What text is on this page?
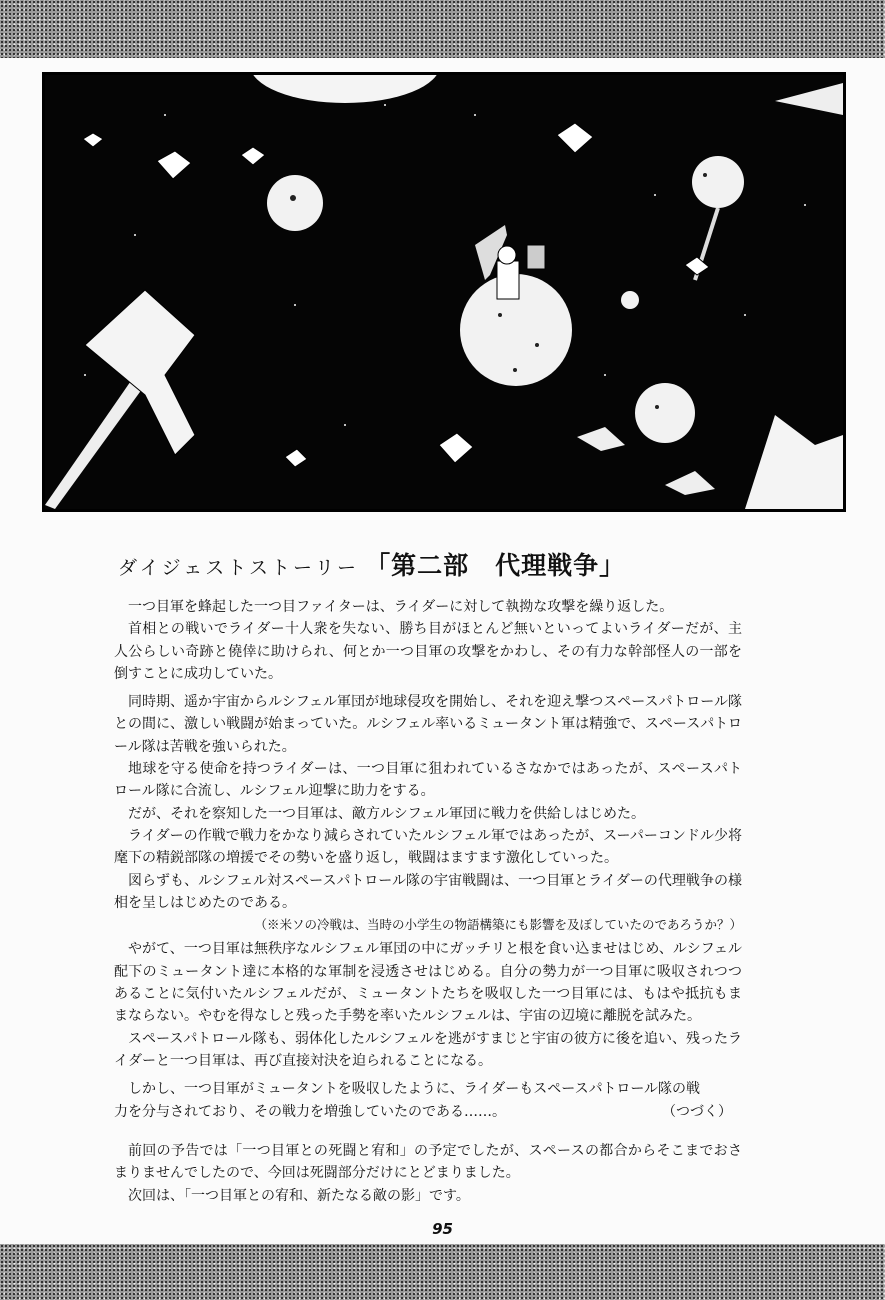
ダイジェストストーリー 「第二部　代理戦争」

一つ目軍を蜂起した一つ目ファイターは、ライダーに対して執拗な攻撃を繰り返した。

首相との戦いでライダー十人衆を失ない、勝ち目がほとんど無いといってよいライダーだが、主人公らしい奇跡と僥倖に助けられ、何とか一つ目軍の攻撃をかわし、その有力な幹部怪人の一部を倒すことに成功していた。

同時期、遥か宇宙からルシフェル軍団が地球侵攻を開始し、それを迎え撃つスペースパトロール隊との間に、激しい戦闘が始まっていた。ルシフェル率いるミュータント軍は精強で、スペースパトロール隊は苦戦を強いられた。

地球を守る使命を持つライダーは、一つ目軍に狙われているさなかではあったが、スペースパトロール隊に合流し、ルシフェル迎撃に助力をする。

だが、それを察知した一つ目軍は、敵方ルシフェル軍団に戦力を供給しはじめた。

ライダーの作戦で戦力をかなり減らされていたルシフェル軍ではあったが、スーパーコンドル少将麾下の精鋭部隊の増援でその勢いを盛り返し，戦闘はますます激化していった。

図らずも、ルシフェル対スペースパトロール隊の宇宙戦闘は、一つ目軍とライダーの代理戦争の様相を呈しはじめたのである。

（※米ソの冷戦は、当時の小学生の物語構築にも影響を及ぼしていたのであろうか？）

やがて、一つ目軍は無秩序なルシフェル軍団の中にガッチリと根を食い込ませはじめ、ルシフェル配下のミュータント達に本格的な軍制を浸透させはじめる。自分の勢力が一つ目軍に吸収されつつあることに気付いたルシフェルだが、ミュータントたちを吸収した一つ目軍には、もはや抵抗もままならない。やむを得なしと残った手勢を率いたルシフェルは、宇宙の辺境に離脱を試みた。

スペースパトロール隊も、弱体化したルシフェルを逃がすまじと宇宙の彼方に後を追い、残ったライダーと一つ目軍は、再び直接対決を迫られることになる。

しかし、一つ目軍がミュータントを吸収したように、ライダーもスペースパトロール隊の戦

力を分与されており、その戦力を増強していたのである……。	（つづく）

前回の予告では「一つ目軍との死闘と宥和」の予定でしたが、スペースの都合からそこまでおさまりませんでしたので、今回は死闘部分だけにとどまりました。

次回は、「一つ目軍との宥和、新たなる敵の影」です。

95
